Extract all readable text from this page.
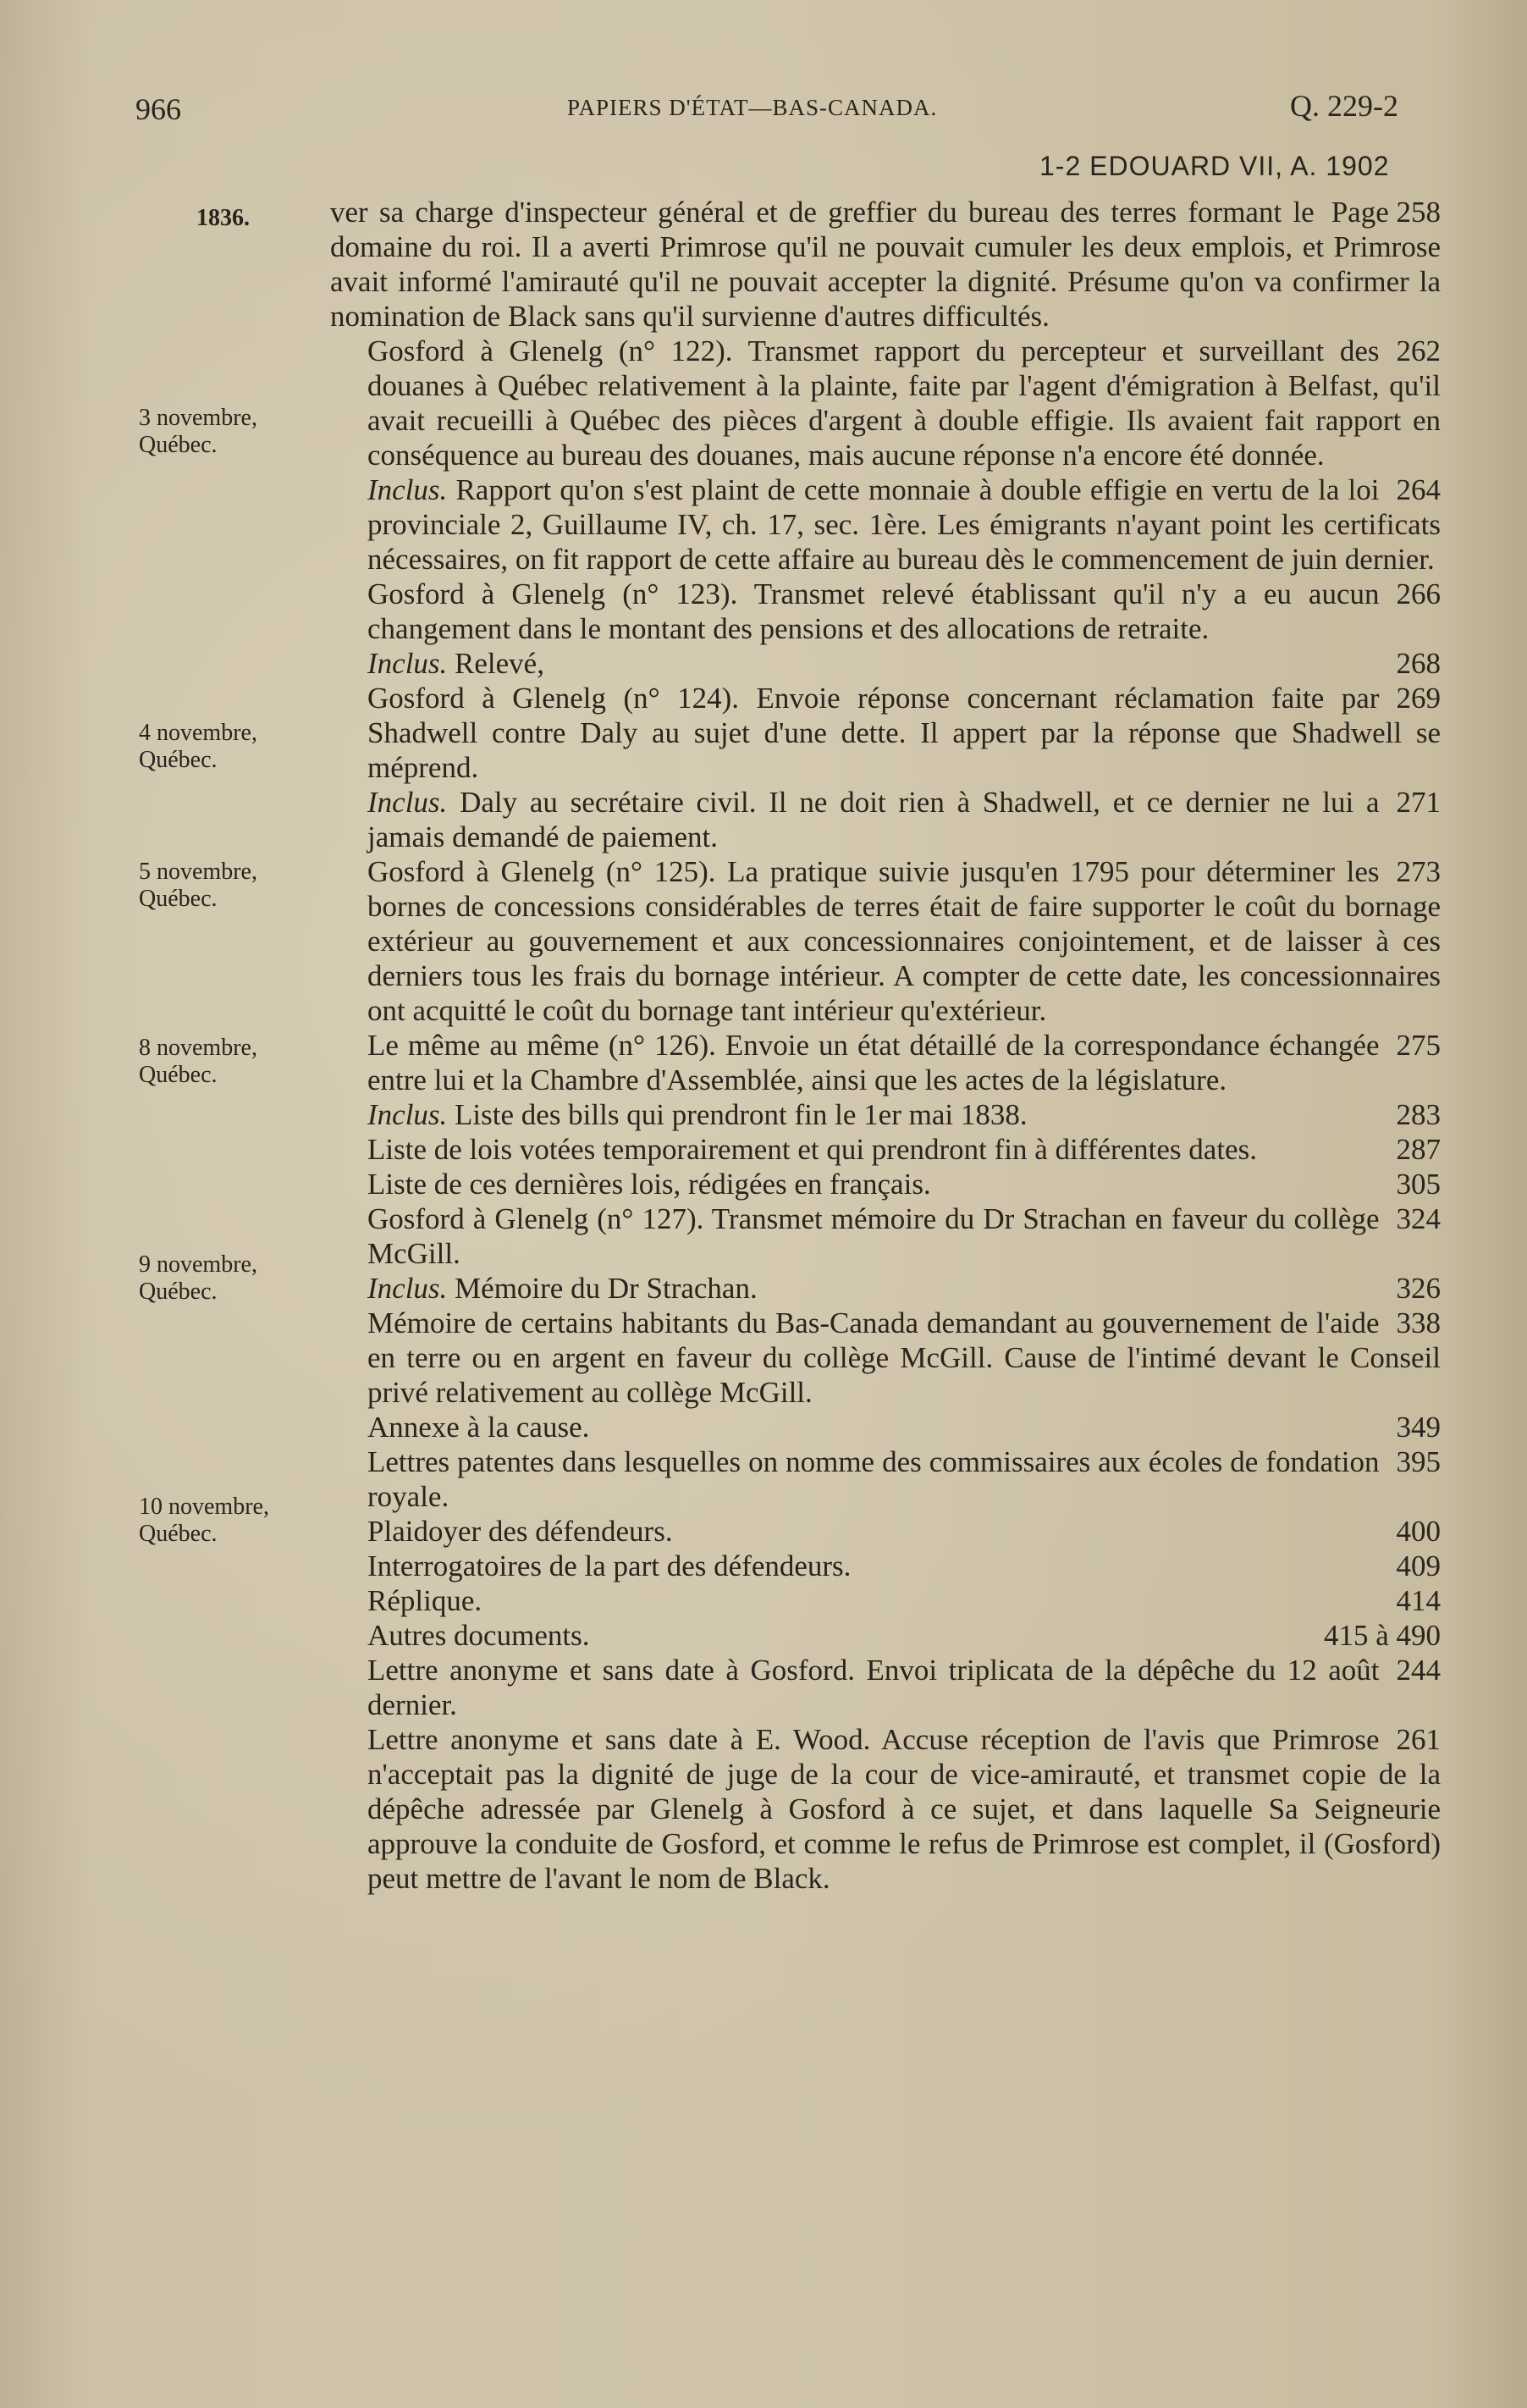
966	PAPIERS D'ÉTAT—BAS-CANADA.	Q. 229-2
1-2 EDOUARD VII, A. 1902
1836.
3 novembre,
Québec.
4 novembre,
Québec.
5 novembre,
Québec.
8 novembre,
Québec.
9 novembre,
Québec.
10 novembre,
Québec.
Page 258
ver sa charge d'inspecteur général et de greffier du bureau des terres formant le domaine du roi. Il a averti Primrose qu'il ne pouvait cumuler les deux emplois, et Primrose avait informé l'amirauté qu'il ne pouvait accepter la dignité. Présume qu'on va confirmer la nomination de Black sans qu'il survienne d'autres difficultés.
262
Gosford à Glenelg (n° 122). Transmet rapport du percepteur et surveillant des douanes à Québec relativement à la plainte, faite par l'agent d'émigration à Belfast, qu'il avait recueilli à Québec des pièces d'argent à double effigie. Ils avaient fait rapport en conséquence au bureau des douanes, mais aucune réponse n'a encore été donnée.
264
Inclus. Rapport qu'on s'est plaint de cette monnaie à double effigie en vertu de la loi provinciale 2, Guillaume IV, ch. 17, sec. 1ère. Les émigrants n'ayant point les certificats nécessaires, on fit rapport de cette affaire au bureau dès le commencement de juin dernier.
266
Gosford à Glenelg (n° 123). Transmet relevé établissant qu'il n'y a eu aucun changement dans le montant des pensions et des allocations de retraite.
268
Inclus. Relevé,
269
Gosford à Glenelg (n° 124). Envoie réponse concernant réclamation faite par Shadwell contre Daly au sujet d'une dette. Il appert par la réponse que Shadwell se méprend.
271
Inclus. Daly au secrétaire civil. Il ne doit rien à Shadwell, et ce dernier ne lui a jamais demandé de paiement.
273
Gosford à Glenelg (n° 125). La pratique suivie jusqu'en 1795 pour déterminer les bornes de concessions considérables de terres était de faire supporter le coût du bornage extérieur au gouvernement et aux concessionnaires conjointement, et de laisser à ces derniers tous les frais du bornage intérieur. A compter de cette date, les concessionnaires ont acquitté le coût du bornage tant intérieur qu'extérieur.
275
Le même au même (n° 126). Envoie un état détaillé de la correspondance échangée entre lui et la Chambre d'Assemblée, ainsi que les actes de la législature.
283
Inclus. Liste des bills qui prendront fin le 1er mai 1838.
287
Liste de lois votées temporairement et qui prendront fin à différentes dates.
305
Liste de ces dernières lois, rédigées en français.
324
Gosford à Glenelg (n° 127). Transmet mémoire du Dr Strachan en faveur du collège McGill.
326
Inclus. Mémoire du Dr Strachan.
338
Mémoire de certains habitants du Bas-Canada demandant au gouvernement de l'aide en terre ou en argent en faveur du collège McGill. Cause de l'intimé devant le Conseil privé relativement au collège McGill.
349
Annexe à la cause.
395
Lettres patentes dans lesquelles on nomme des commissaires aux écoles de fondation royale.
400
Plaidoyer des défendeurs.
409
Interrogatoires de la part des défendeurs.
414
Réplique.
415 à 490
Autres documents.
244
Lettre anonyme et sans date à Gosford. Envoi triplicata de la dépêche du 12 août dernier.
261
Lettre anonyme et sans date à E. Wood. Accuse réception de l'avis que Primrose n'acceptait pas la dignité de juge de la cour de vice-amirauté, et transmet copie de la dépêche adressée par Glenelg à Gosford à ce sujet, et dans laquelle Sa Seigneurie approuve la conduite de Gosford, et comme le refus de Primrose est complet, il (Gosford) peut mettre de l'avant le nom de Black.
